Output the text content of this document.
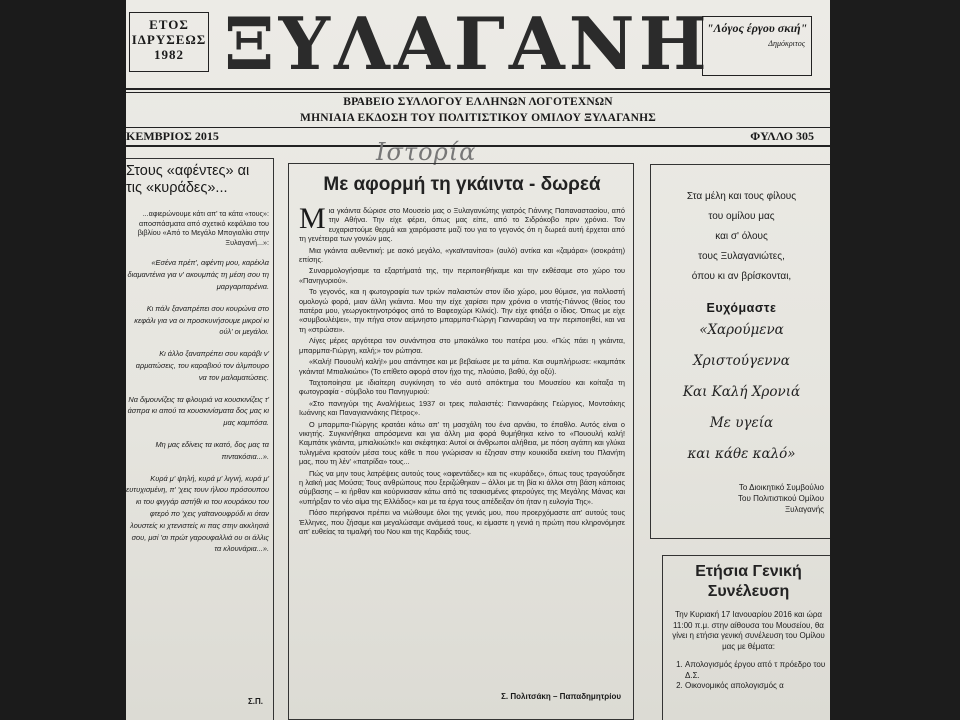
ΕΤΟΣ
ΙΔΡΥΣΕΩΣ
1982 ΞΥΛΑΓΑΝΗ
"Λόγος έργου σκιή"
Δημόκριτος
ΒΡΑΒΕΙΟ ΣΥΛΛΟΓΟΥ ΕΛΛΗΝΩΝ ΛΟΓΟΤΕΧΝΩΝ
ΜΗΝΙΑΙΑ ΕΚΔΟΣΗ ΤΟΥ ΠΟΛΙΤΙΣΤΙΚΟΥ ΟΜΙΛΟΥ ΞΥΛΑΓΑΝΗΣ
ΚΕΜΒΡΙΟΣ 2015	ΦΥΛΛΟ 305
Ιστορία
Στους «αφέντες» αι τις «κυράδες»...
...αφιερώνουμε κάτι απ' τα κάτα «τους»: αποσπάσματα από σχετικό κεφάλαιο του βιβλίου «Από το Μεγάλο Μπογιαλίκι στην Ξυλαγανή...»:
«Εσένα πρέπ', αφέντη μου, καρέκλα διαμαντένια για ν' ακουμπάς τη μέση σου τη μαργαριταρένια.
Κι πάλι ξαναπρέπει σου κουρώνα στο κεφάλι για να οι προσκυνήσουμε μικροί κι ούλ' οι μεγάλοι.
Κι άλλο ξαναπρέπει σου καράβι ν' αρματώσεις, του καραβιού τον άλμπουρο να τον μαλαματώσεις.
Να διμουνίζεις τα φλουριά να κουσκινίζεις τ' άσπρα κι απού τα κουσκινίσματα δος μας κι μας καμπόσα.
Μη μας εδίνεις τα ικατό, δος μας τα πιντακόσια...».
Κυρά μ' ψηλή, κυρά μ' λιγνή, κυρά μ' ευτυχισμένη, π' 'χεις τουν ήλιου πρόσουπου κι του φιγγάρ αστήθι κι του κουράκου του φτερό πο 'χεις γαϊτανουφρύδι κι όταν λουστείς κι χτενιστείς κι πας στην ακκλησιά σου, μσί 'σι πρώτ γαρουφαλλιά ου οι άλλις τα κλουνάρια...».
Σ.Π.
Με αφορμή τη γκάιντα - δωρεά

Μια γκάιντα δώρισε στο Μουσείο μας ο Ξυλαγανιώτης γιατρός Γιάννης Παπαναστασίου, από την Αθήνα. Την είχε φέρει, όπως μας είπε, από το Σιδρόκοβο πριν χρόνια. Τον ευχαριστούμε θερμά και χαιρόμαστε μαζί του για το γεγονός ότι η δωρεά αυτή έρχεται από τη γενέτειρα των γονιών μας.

Μια γκάιντα αυθεντική: με ασκό μεγάλο, «γκαϊντανίτσα» (αυλό) αντίκα και «ζαμάρα» (ισοκράτη) επίσης.

Συναρμολογήσαμε τα εξαρτήματά της, την περιποιηθήκαμε και την εκθέσαμε στο χώρο του «Πανηγυριού».

Το γεγονός, και η φωτογραφία των τριών παλαιστών στον ίδιο χώρο, μου θύμισε, για πολλοστή ομολογώ φορά, μιαν άλλη γκάιντα. Μου την είχε χαρίσει πριν χρόνια ο ντατής-Γιάννος (θείος του πατέρα μου, γεωργοκτηνοτρόφος από το Βαφεοχώρι Κιλκίς). Την είχε φτιάξει ο ίδιος. Όπως με είχε «συμβουλέψει», την πήγα στον αείμνηστο μπαρμπα-Γιώργη Γιανναράκη να την περιποιηθεί, και να τη «στρώσει».

Λίγες μέρες αργότερα τον συνάντησα στο μπακάλικο του πατέρα μου. «Πώς πάει η γκάιντα, μπαρμπα-Γιώργη, καλή;» τον ρώτησα.

«Καλή! Πουουλή καλή!» μου απάντησε και με βεβαίωσε με τα μάτια. Και συμπλήρωσε: «καμπάτκ γκάιντα! Μπιαλκιώτκ» (Το επίθετο αφορά στον ήχο της, πλούσιο, βαθύ, όχι οξύ).

Ταχτοποίησα με ιδιαίτερη συγκίνηση το νέο αυτό απόκτημα του Μουσείου και κοίταξα τη φωτογραφία - σύμβολο του Πανηγυριού:

«Στο πανηγύρι της Αναλήψεως 1937 οι τρεις παλαιστές: Γιανναράκης Γεώργιος, Μοντσάκης Ιωάννης και Παναγιαννάκης Πέτρος».

Ο μπαρμπα-Γιώργης κρατάει κάτω απ' τη μασχάλη του ένα αρνάκι, το έπαθλο. Αυτός είναι ο νικητής. Συγκινήθηκα απρόσμενα και για άλλη μια φορά θυμήθηκα κείνο το «Πουουλή καλή! Καμπάτκ γκάιντα, μπιαλκιώτκ!» και σκέφτηκα: Αυτοί οι άνθρωποι αλήθεια, με πόση αγάπη και γλύκα τυλιγμένα κρατούν μέσα τους κάθε τι που γνώρισαν κι έζησαν στην κουκκίδα εκείνη του Πλανήτη μας, που τη λέν' «πατρίδα» τους...

Πώς να μην τους λατρέψεις αυτούς τους «αφεντάδες» και τις «κυράδες», όπως τους τραγούδησε η λαϊκή μας Μούσα; Τους ανθρώπους που ξεριζώθηκαν – άλλοι με τη βία κι άλλοι στη βάση κάποιας σύμβασης – κι ήρθαν και κούρνιασαν κάτω από τις τσακισμένες φτερούγες της Μεγάλης Μάνας και «υπήρξαν το νέο αίμα της Ελλάδος» και με τα έργα τους απέδειξαν ότι ήταν η ευλογία Της».

Πόσο περήφανοι πρέπει να νιώθουμε όλοι της γενιάς μου, που προερχόμαστε απ' αυτούς τους Έλληνες, που ζήσαμε και μεγαλώσαμε ανάμεσά τους, κι είμαστε η γενιά η πρώτη που κληρονόμησε απ' ευθείας τα τιμαλφή του Νου και της Καρδιάς τους.

Σ. Πολιτσάκη – Παπαδημητρίου
Στα μέλη και τους φίλους
του ομίλου μας
και σ' όλους
τους Ξυλαγανιώτες,
όπου κι αν βρίσκονται,
Ευχόμαστε
«Χαρούμενα
Χριστούγεννα
Και Καλή Χρονιά
Με υγεία
και κάθε καλό»
Το Διοικητικό Συμβούλιο
Του Πολιτιστικού Ομίλου
Ξυλαγανής
Ετήσια Γενική Συνέλευση
Την Κυριακή 17 Ιανουαρίου 2016 και ώρα 11:00 π.μ. στην αίθουσα του Μουσείου, θα γίνει η ετήσια γενική συνέλευση του Ομίλου μας με θέματα:
1. Απολογισμός έργου από τ πρόεδρο του Δ.Σ.
2. Οικονομικός απολογισμός α
